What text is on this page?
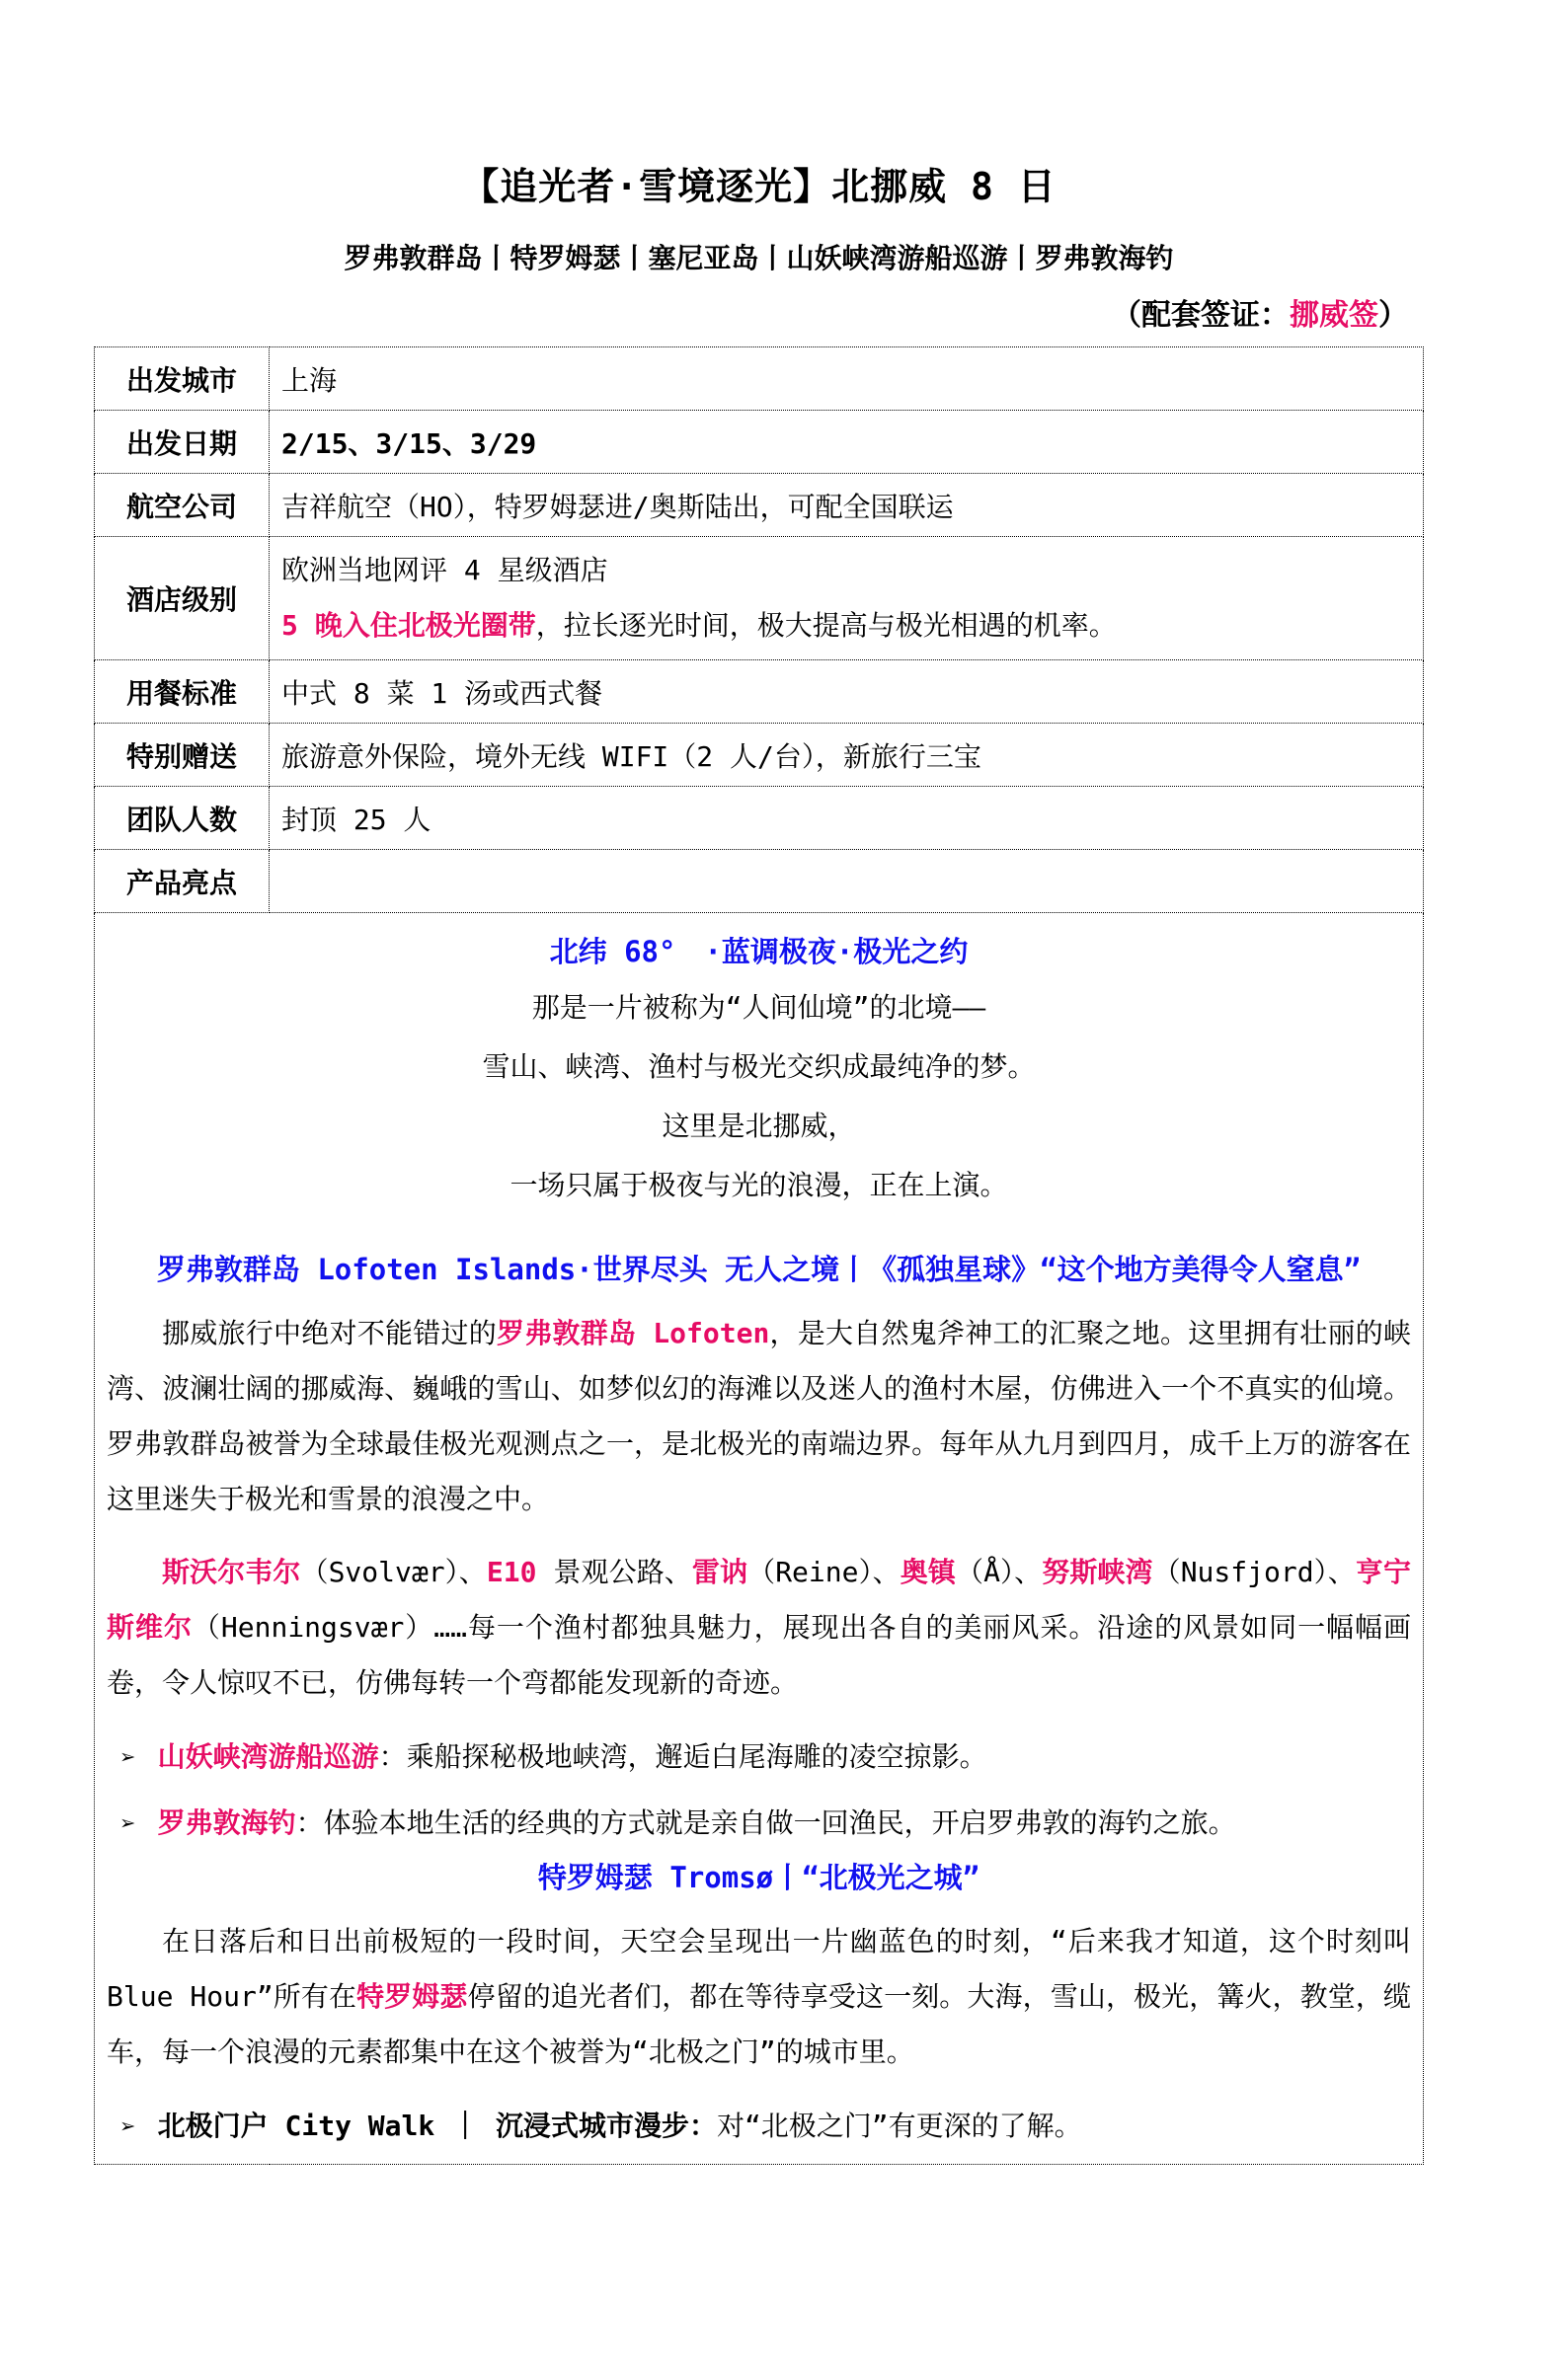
【追光者·雪境逐光】北挪威 8 日
罗弗敦群岛丨特罗姆瑟丨塞尼亚岛丨山妖峡湾游船巡游丨罗弗敦海钓
（配套签证：挪威签）
出发城市	上海
出发日期	2/15、3/15、3/29
航空公司	吉祥航空（HO），特罗姆瑟进/奥斯陆出，可配全国联运
酒店级别	欧洲当地网评 4 星级酒店
5 晚入住北极光圈带，拉长逐光时间，极大提高与极光相遇的机率。

用餐标准	中式 8 菜 1 汤或西式餐
特别赠送	旅游意外保险，境外无线 WIFI（2 人/台），新旅行三宝
团队人数	封顶 25 人
产品亮点	

北纬 68°　·蓝调极夜·极光之约
那是一片被称为“人间仙境”的北境——
雪山、峡湾、渔村与极光交织成最纯净的梦。
这里是北挪威，
一场只属于极夜与光的浪漫，正在上演。
罗弗敦群岛 Lofoten Islands·世界尽头 无人之境丨《孤独星球》“这个地方美得令人窒息”

挪威旅行中绝对不能错过的罗弗敦群岛 Lofoten，是大自然鬼斧神工的汇聚之地。这里拥有壮丽的峡湾、波澜壮阔的挪威海、巍峨的雪山、如梦似幻的海滩以及迷人的渔村木屋，仿佛进入一个不真实的仙境。罗弗敦群岛被誉为全球最佳极光观测点之一，是北极光的南端边界。每年从九月到四月，成千上万的游客在这里迷失于极光和雪景的浪漫之中。

斯沃尔韦尔（Svolvær）、E10 景观公路、雷讷（Reine）、奥镇（Å）、努斯峡湾（Nusfjord）、亨宁斯维尔（Henningsvær）……每一个渔村都独具魅力，展现出各自的美丽风采。沿途的风景如同一幅幅画卷，令人惊叹不已，仿佛每转一个弯都能发现新的奇迹。

➢ 山妖峡湾游船巡游：乘船探秘极地峡湾，邂逅白尾海雕的凌空掠影。
➢ 罗弗敦海钓：体验本地生活的经典的方式就是亲自做一回渔民，开启罗弗敦的海钓之旅。
特罗姆瑟 Tromsø丨“北极光之城”

在日落后和日出前极短的一段时间，天空会呈现出一片幽蓝色的时刻，“后来我才知道，这个时刻叫 Blue Hour”所有在特罗姆瑟停留的追光者们，都在等待享受这一刻。大海，雪山，极光，篝火，教堂，缆车，每一个浪漫的元素都集中在这个被誉为“北极之门”的城市里。

➢ 北极门户 City Walk ｜ 沉浸式城市漫步：对“北极之门”有更深的了解。
